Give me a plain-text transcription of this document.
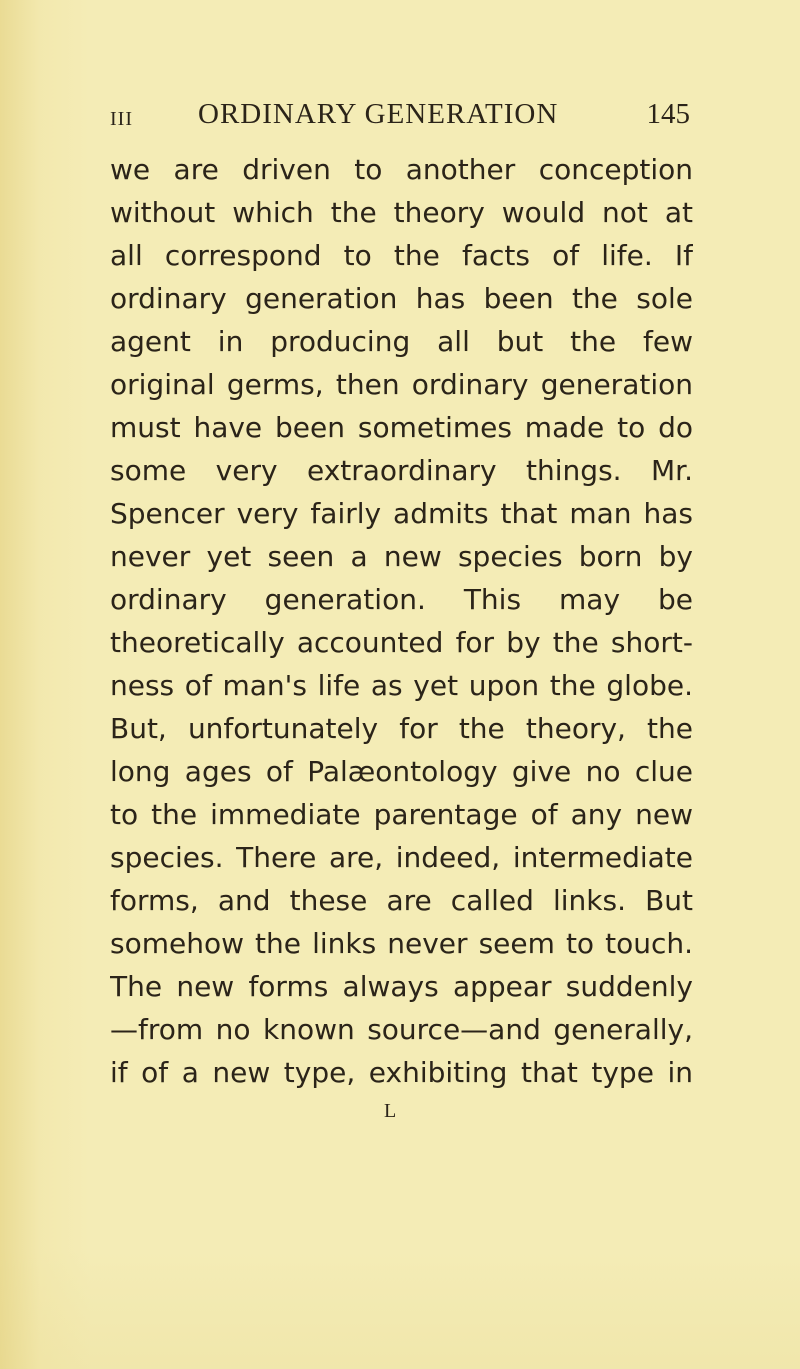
III ORDINARY GENERATION	145
we are driven to another conception
without which the theory would not at
all correspond to the facts of life. If
ordinary generation has been the sole
agent in producing all but the few
original germs, then ordinary generation
must have been sometimes made to do
some very extraordinary things. Mr.
Spencer very fairly admits that man has
never yet seen a new species born by
ordinary generation. This may be
theoretically accounted for by the short-
ness of man's life as yet upon the globe.
But, unfortunately for the theory, the
long ages of Palæontology give no clue
to the immediate parentage of any new
species. There are, indeed, intermediate
forms, and these are called links. But
somehow the links never seem to touch.
The new forms always appear suddenly
—from no known source—and generally,
if of a new type, exhibiting that type in
L
